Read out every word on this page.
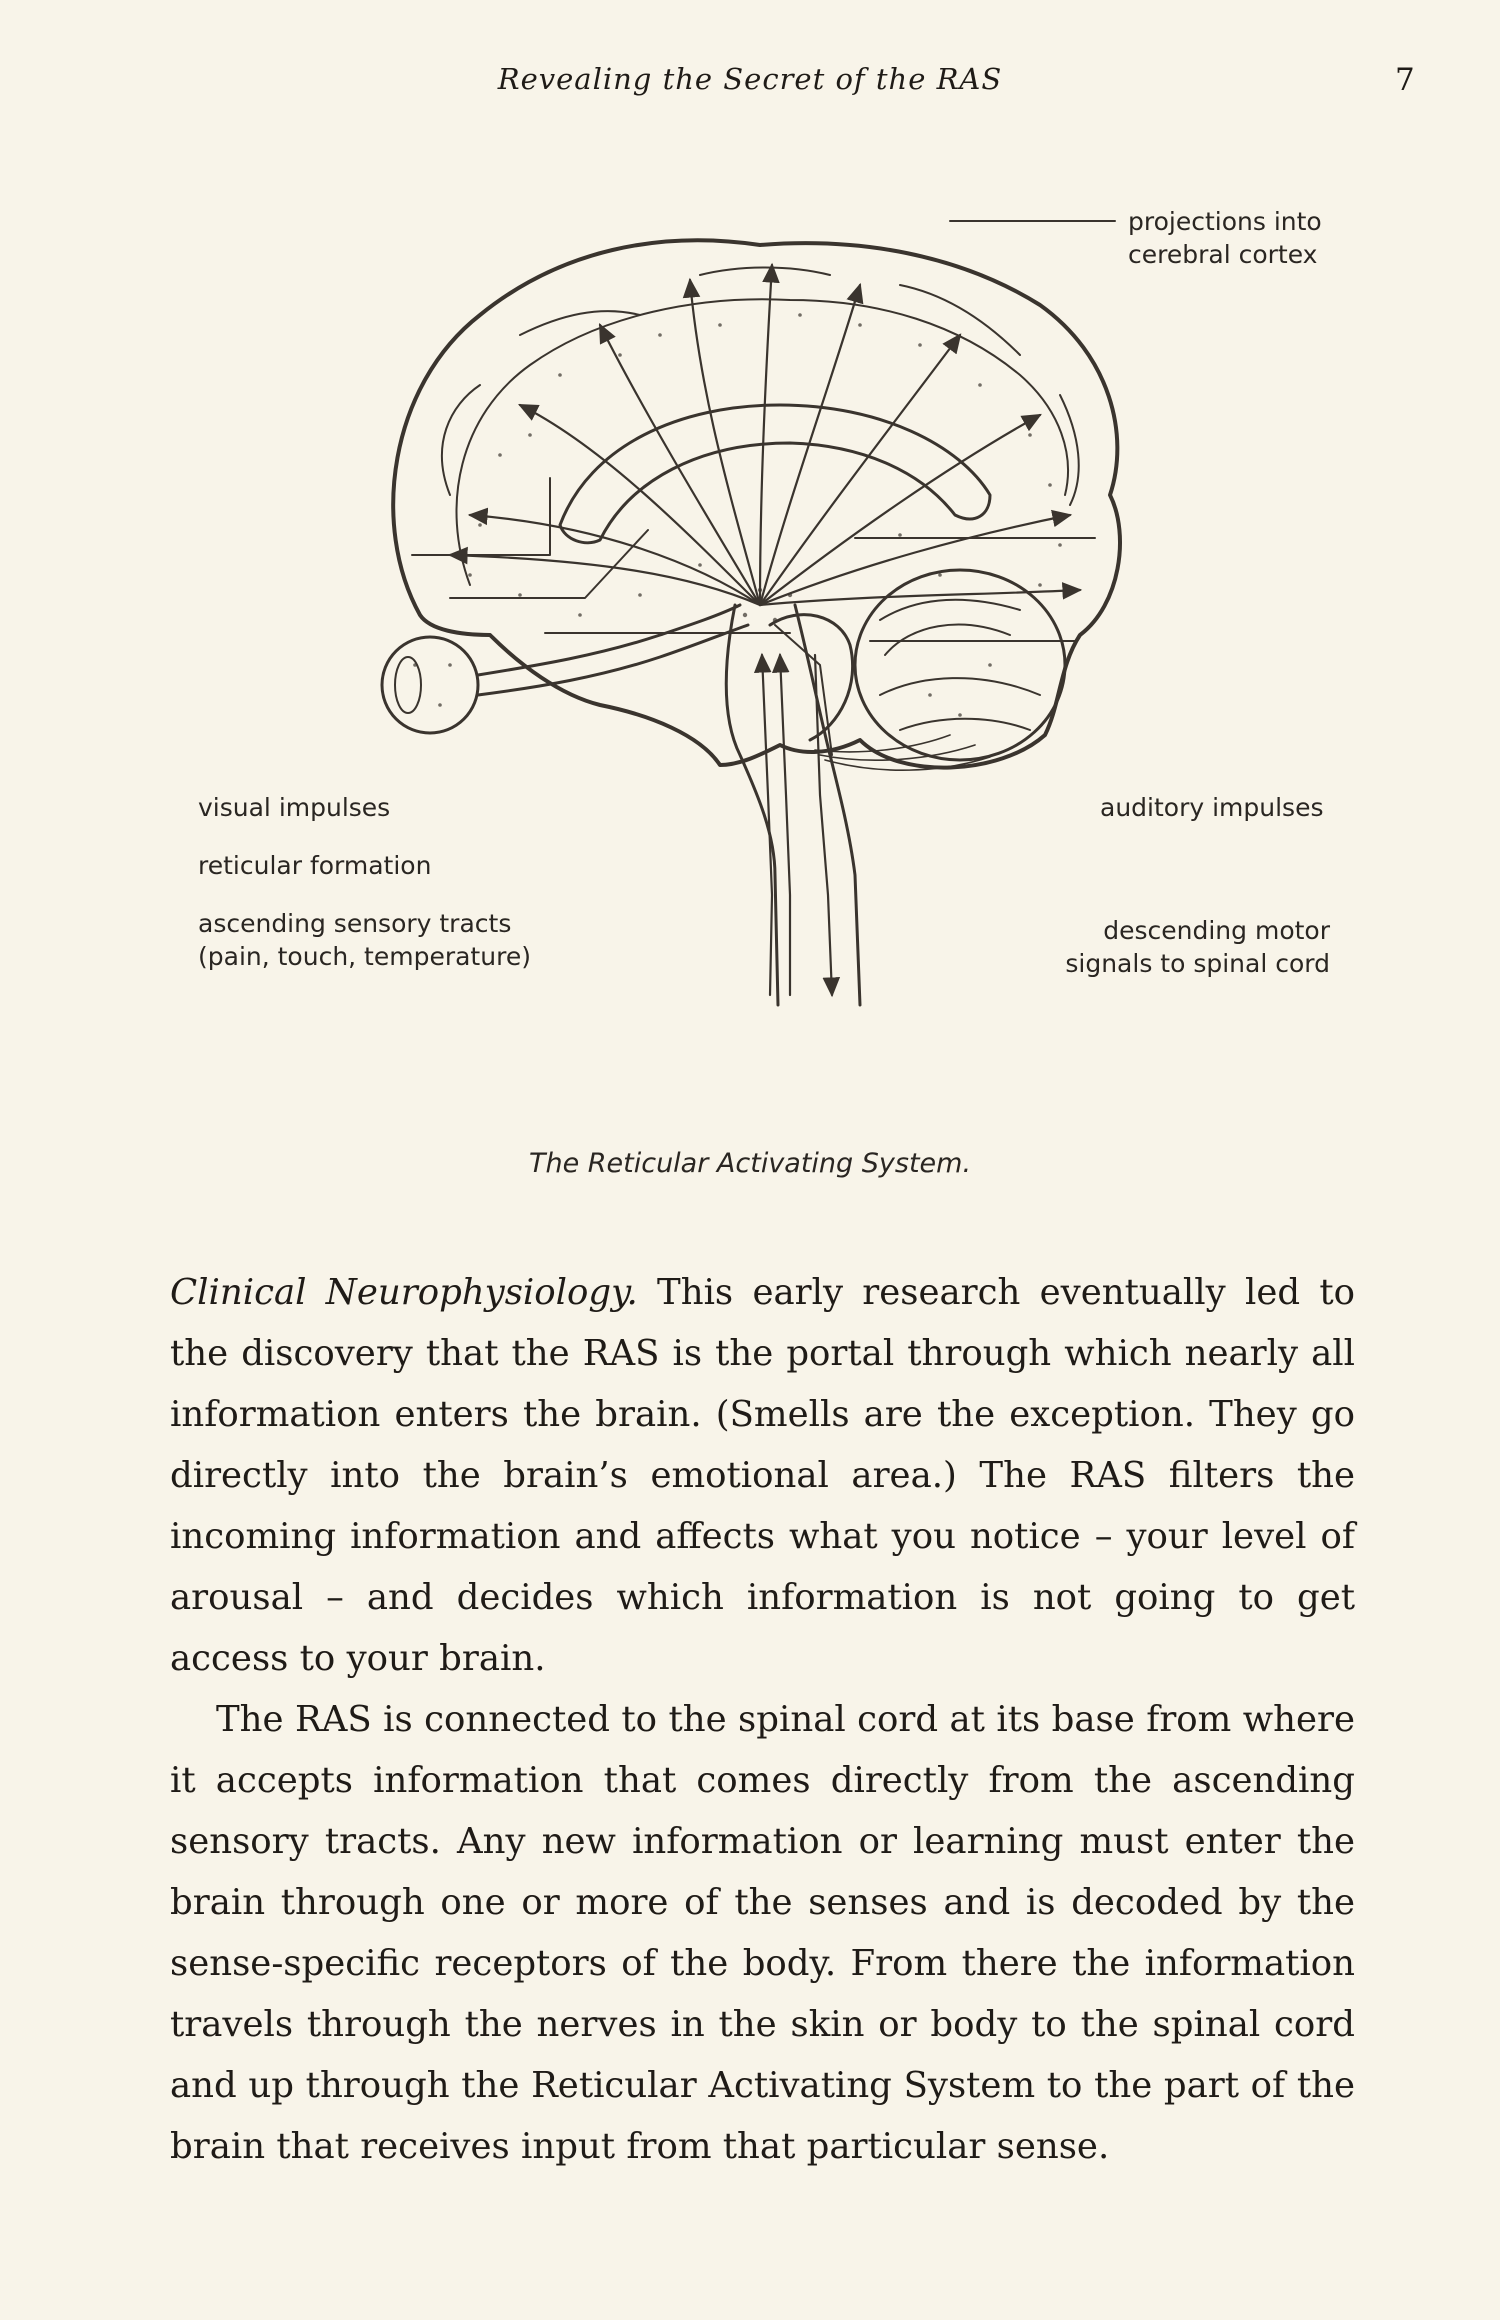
Revealing the Secret of the RAS	7
projections into
cerebral cortex
visual impulses
reticular formation
ascending sensory tracts
(pain, touch, temperature)
auditory impulses
descending motor
signals to spinal cord
The Reticular Activating System.

Clinical Neurophysiology. This early research eventually led to the discovery that the RAS is the portal through which nearly all information enters the brain. (Smells are the exception. They go directly into the brain’s emotional area.) The RAS filters the incoming information and affects what you notice – your level of arousal – and decides which information is not going to get access to your brain.

The RAS is connected to the spinal cord at its base from where it accepts information that comes directly from the ascending sensory tracts. Any new information or learning must enter the brain through one or more of the senses and is decoded by the sense-specific receptors of the body. From there the information travels through the nerves in the skin or body to the spinal cord and up through the Reticular Activating System to the part of the brain that receives input from that particular sense.
